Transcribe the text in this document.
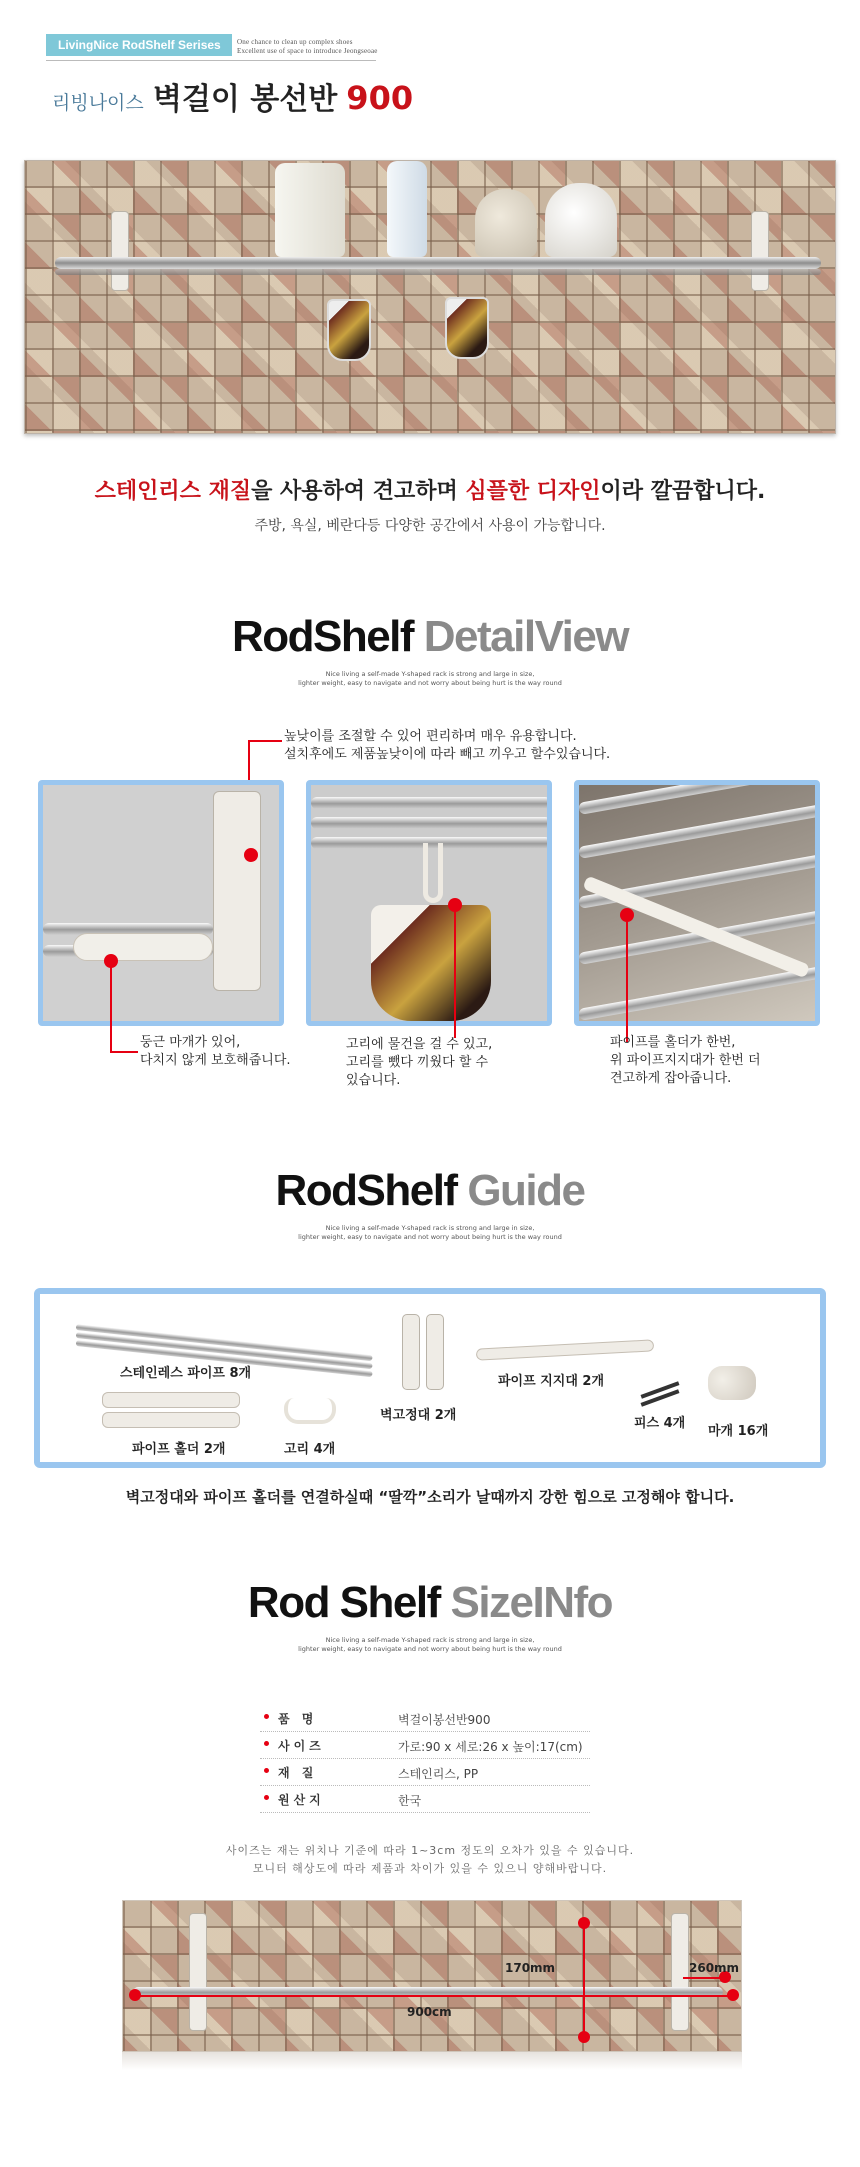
LivingNice RodShelf Serises	One chance to clean up complex shoes
Excellent use of space to introduce Jeongseoae
리빙나이스 벽걸이 봉선반 900
스테인리스 재질을 사용하여 견고하며 심플한 디자인이라 깔끔합니다.
주방, 욕실, 베란다등 다양한 공간에서 사용이 가능합니다.
RodShelf DetailView
Nice living a self-made Y-shaped rack is strong and large in size,
lighter weight, easy to navigate and not worry about being hurt is the way round
높낮이를 조절할 수 있어 편리하며 매우 유용합니다.
설치후에도 제품높낮이에 따라 빼고 끼우고 할수있습니다.
둥근 마개가 있어,
다치지 않게 보호해줍니다.
고리에 물건을 걸 수 있고,
고리를 뺐다 끼웠다 할 수
있습니다.
파이프를 홀더가 한번,
위 파이프지지대가 한번 더
견고하게 잡아줍니다.
RodShelf Guide
Nice living a self-made Y-shaped rack is strong and large in size,
lighter weight, easy to navigate and not worry about being hurt is the way round
스테인레스 파이프 8개
벽고정대 2개
파이프 지지대 2개
피스 4개
마개 16개
파이프 홀더 2개	고리 4개
벽고정대와 파이프 홀더를 연결하실때 “딸깍”소리가 날때까지 강한 힘으로 고정해야 합니다.
Rod Shelf SizeINfo
Nice living a self-made Y-shaped rack is strong and large in size,
lighter weight, easy to navigate and not worry about being hurt is the way round
품 명	벽걸이봉선반900
사이즈	가로:90 x 세로:26 x 높이:17(cm)
재 질	스테인리스, PP
원산지	한국
사이즈는 재는 위치나 기준에 따라 1~3cm 정도의 오차가 있을 수 있습니다.
모니터 해상도에 따라 제품과 차이가 있을 수 있으니 양해바랍니다.
170mm	260mm
900cm
